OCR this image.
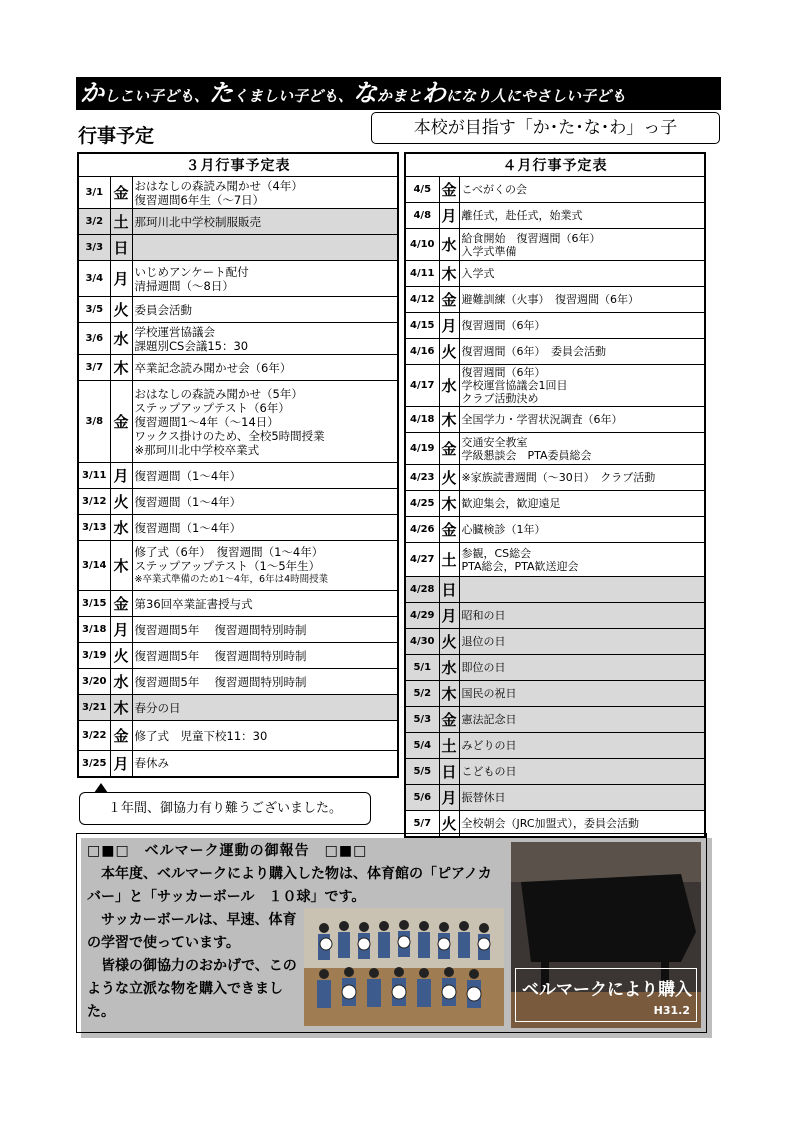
かしこい子ども、たくましい子ども、なかまとわになり人にやさしい子ども
行事予定	本校が目指す「か･た･な･わ」っ子
３月行事予定表		
3/1	金	おはなしの森読み聞かせ（4年）
復習週間6年生（～7日）

3/2	土	那珂川北中学校制服販売

3/3	日	
3/4	月	いじめアンケート配付
清掃週間（～8日）

3/5	火	委員会活動

3/6	水	学校運営協議会
課題別CS会議15：30

3/7	木	卒業記念読み聞かせ会（6年）

3/8	金	おはなしの森読み聞かせ（5年）
ステップアップテスト（6年）
復習週間1～4年（～14日）
ワックス掛けのため、全校5時間授業
※那珂川北中学校卒業式

3/11	月	復習週間（1～4年）

3/12	火	復習週間（1～4年）

3/13	水	復習週間（1～4年）

3/14	木	修了式（6年）　復習週間（1～4年）
ステップアップテスト（1～5年生）
※卒業式準備のため1～4年，6年は4時間授業

3/15	金	第36回卒業証書授与式

3/18	月	復習週間5年　 復習週間特別時制

3/19	火	復習週間5年　 復習週間特別時制

3/20	水	復習週間5年　 復習週間特別時制

3/21	木	春分の日

3/22	金	修了式　児童下校11：30

3/25	月	春休み
４月行事予定表		
4/5	金	こべがくの会

4/8	月	離任式，赴任式，始業式

4/10	水	給食開始　復習週間（6年）
入学式準備

4/11	木	入学式

4/12	金	避難訓練（火事）　復習週間（6年）

4/15	月	復習週間（6年）

4/16	火	復習週間（6年）　委員会活動

4/17	水	復習週間（6年）
学校運営協議会1回目
クラブ活動決め

4/18	木	全国学力・学習状況調査（6年）

4/19	金	交通安全教室
学級懇談会　PTA委員総会

4/23	火	※家族読書週間（～30日）　クラブ活動

4/25	木	歓迎集会，歓迎遠足

4/26	金	心臓検診（1年）

4/27	土	参観，CS総会
PTA総会，PTA歓送迎会

4/28	日	
4/29	月	昭和の日

4/30	火	退位の日

5/1	水	即位の日

5/2	木	国民の祝日

5/3	金	憲法記念日

5/4	土	みどりの日

5/5	日	こどもの日

5/6	月	振替休日

5/7	火	全校朝会（JRC加盟式），委員会活動
１年間、御協力有り難うございました。
□■□　ベルマーク運動の御報告　□■□
本年度、ベルマークにより購入した物は、体育館の「ピアノカバー」と「サッカーボール　１０球」です。
サッカーボールは、早速、体育の学習で使っています。
皆様の御協力のおかげで、このような立派な物を購入できました。
ベルマークにより購入
H31.2
